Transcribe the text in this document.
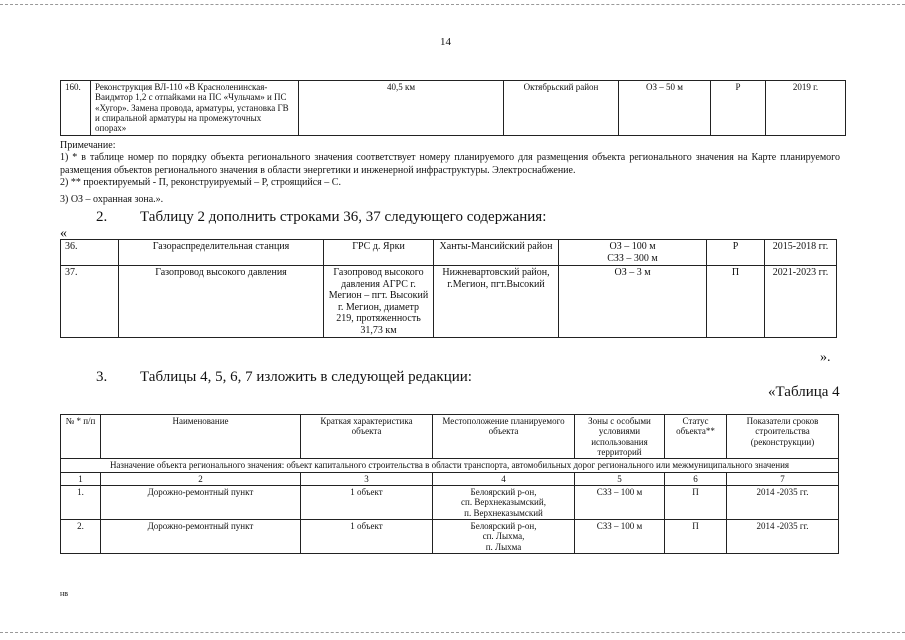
14
160.	Реконструкция ВЛ-110 «В Красноленинская-Ваидмтор 1,2 с отпайками на ПС «Чульчам» и ПС «Хугор». Замена провода, арматуры, установка ГВ и спиральной арматуры на промежуточных опорах»	40,5 км	Октябрьский район	ОЗ – 50 м	Р	2019 г.
Примечание:
1) * в таблице номер по порядку объекта регионального значения соответствует номеру планируемого для размещения объекта регионального значения на Карте планируемого размещения объектов регионального значения в области энергетики и инженерной инфраструктуры. Электроснабжение.
2) ** проектируемый - П, реконструируемый – Р, строящийся – С.
3) ОЗ – охранная зона.».
2. Таблицу 2 дополнить строками 36, 37 следующего содержания:
«
36.	Газораспределительная станция	ГРС д. Ярки	Ханты-Мансийский район	ОЗ – 100 м
СЗЗ – 300 м	Р	2015-2018 гг.
37.	Газопровод высокого давления	Газопровод высокого давления АГРС г. Мегион – пгт. Высокий г. Мегион, диаметр 219, протяженность 31,73 км	Нижневартовский район, г.Мегион, пгт.Высокий	ОЗ – 3 м	П	2021-2023 гг.
».
3. Таблицы 4, 5, 6, 7 изложить в следующей редакции:
«Таблица 4
№ * п/п	Наименование	Краткая характеристика объекта	Местоположение планируемого объекта	Зоны с особыми условиями использования территорий	Статус объекта**	Показатели сроков строительства (реконструкции)
Назначение объекта регионального значения: объект капитального строительства в области транспорта, автомобильных дорог регионального или межмуниципального значения						
1	2	3	4	5	6	7
1.	Дорожно-ремонтный пункт	1 объект	Белоярский р-он,
сп. Верхнеказымский,
п. Верхнеказымский	СЗЗ – 100 м	П	2014 -2035 гг.
2.	Дорожно-ремонтный пункт	1 объект	Белоярский р-он,
сп. Лыхма,
п. Лыхма	СЗЗ – 100 м	П	2014 -2035 гг.
нв
